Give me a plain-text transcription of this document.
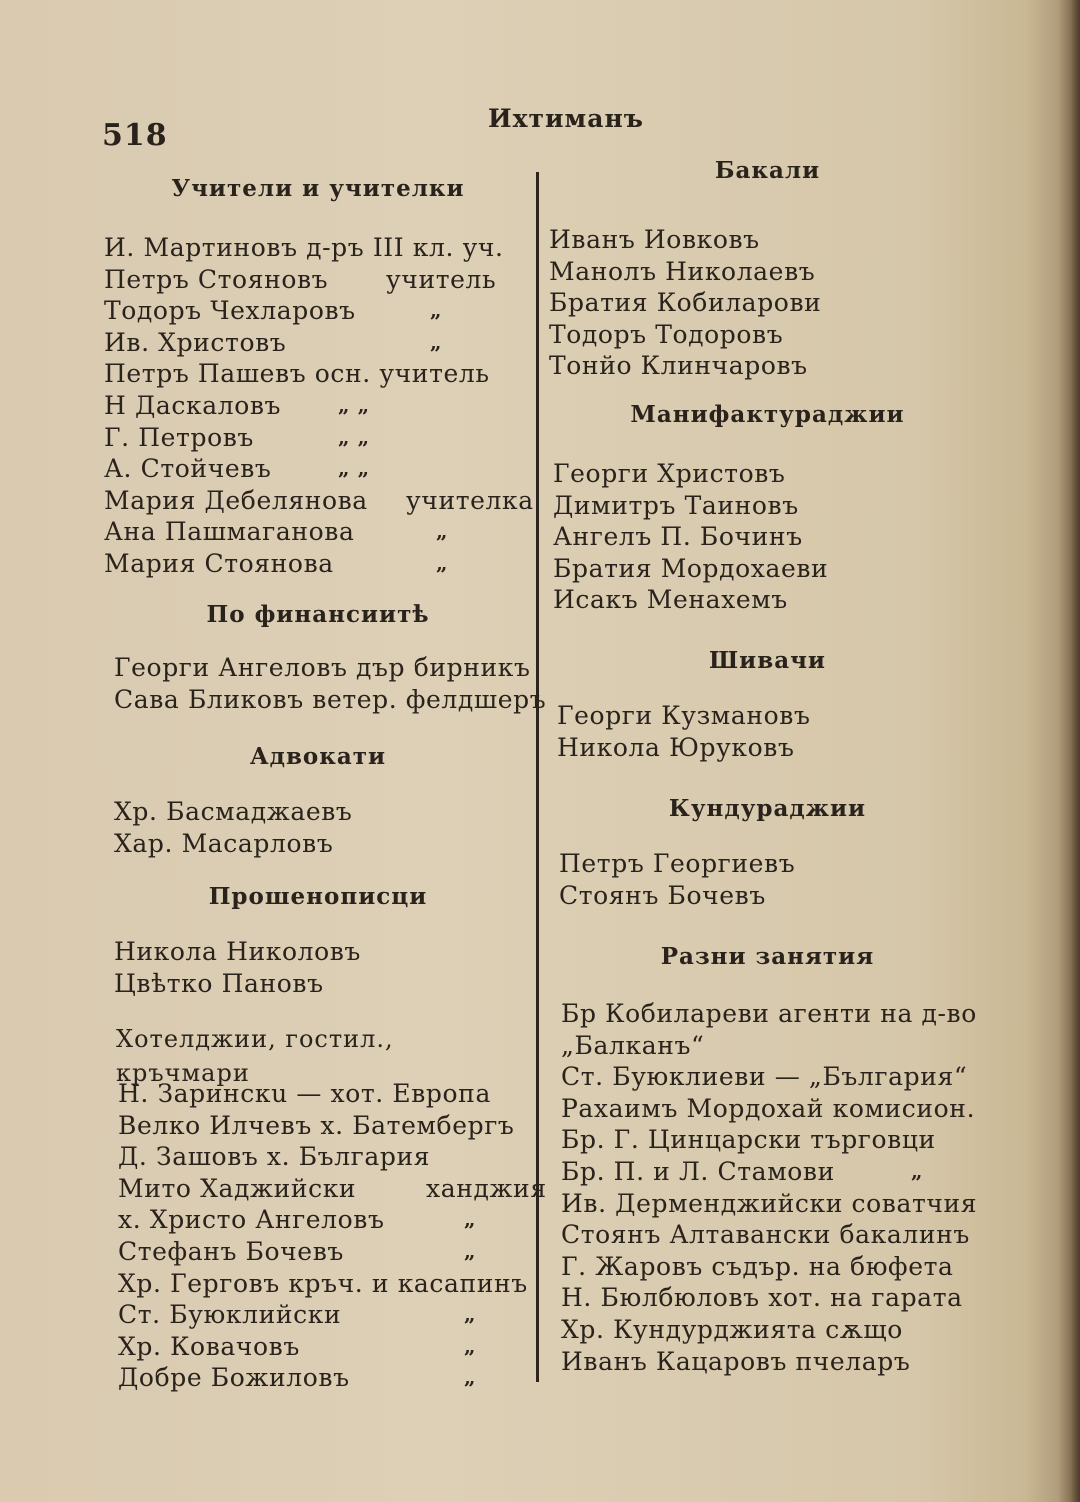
518	Ихтиманъ
Учители и учителки
И. Мартиновъ д-ръ III кл. уч.
Петръ Стояновъ учитель
Тодоръ Чехларовъ	„
Ив. Христовъ	„
Петръ Пашевъ осн. учитель
Н Даскаловъ	„ „
Г. Петровъ	„ „
А. Стойчевъ	„ „
Мария Дебелянова учителка
Ана Пашмаганова	„
Мария Стоянова	„
По финансиитѣ
Георги Ангеловъ дър бирникъ
Сава Бликовъ ветер. фелдшеръ
Адвокати
Хр. Басмаджаевъ
Хар. Масарловъ
Прошенописци
Никола Николовъ
Цвѣтко Пановъ
Хотелджии, гостил., кръчмари
Н. Заринскu — хот. Европа
Велко Илчевъ х. Батембергъ
Д. Зашовъ х. България
Мито Хаджийски	ханджия
х. Христо Ангеловъ	„
Стефанъ Бочевъ	„
Хр. Герговъ кръч. и касапинъ
Ст. Буюклийски	„
Хр. Ковачовъ	„
Добре Божиловъ	„
Бакали
Иванъ Иовковъ
Манолъ Николаевъ
Братия Кобиларови
Тодоръ Тодоровъ
Тонйо Клинчаровъ
Манифактураджии
Георги Христовъ
Димитръ Таиновъ
Ангелъ П. Бочинъ
Братия Мордохаеви
Исакъ Менахемъ
Шивачи
Георги Кузмановъ
Никола Юруковъ
Кундураджии
Петръ Георгиевъ
Стоянъ Бочевъ
Разни занятия
Бр Кобилареви агенти на д-во
„Балканъ“
Ст. Буюклиеви — „България“
Рахаимъ Мордохай комисион.
Бр. Г. Цинцарски търговци
Бр. П. и Л. Стамови	„
Ив. Дерменджийски соватчия
Стоянъ Алтавански бакалинъ
Г. Жаровъ съдър. на бюфета
Н. Бюлбюловъ хот. на гарата
Хр. Кундурджията сѫщо
Иванъ Кацаровъ пчеларъ
